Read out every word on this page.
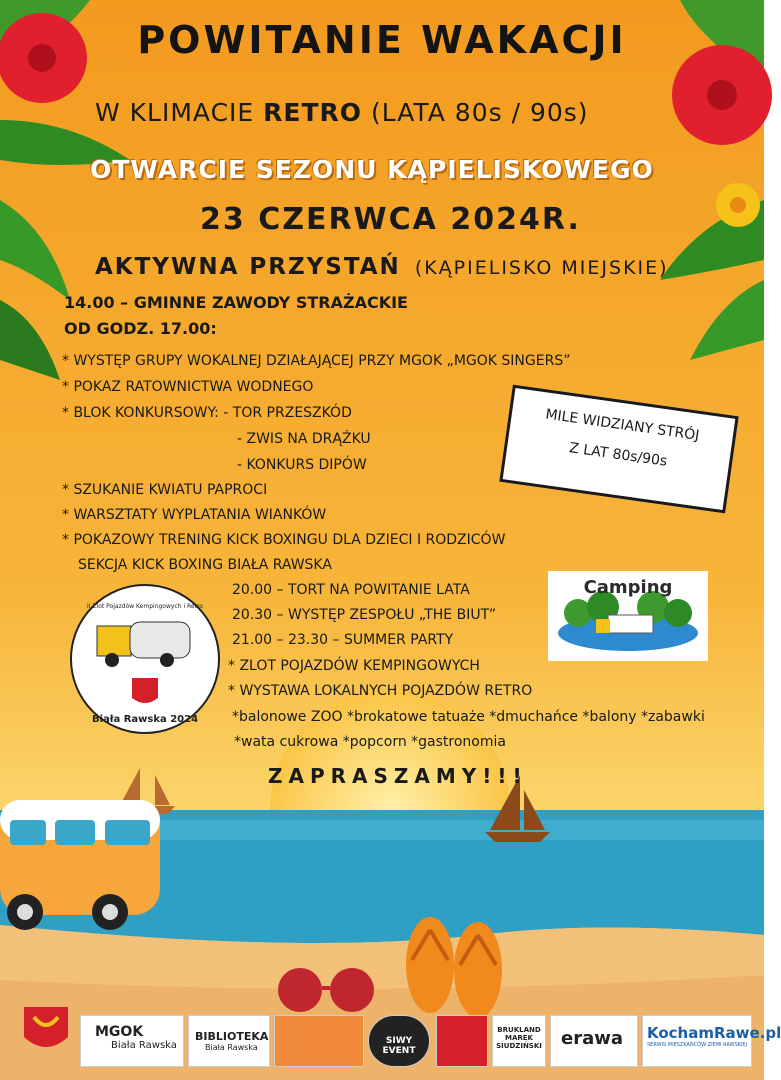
POWITANIE WAKACJI
W KLIMACIE RETRO (LATA 80s / 90s)
OTWARCIE SEZONU KĄPIELISKOWEGO
23 CZERWCA 2024R.
AKTYWNA PRZYSTAŃ (KĄPIELISKO MIEJSKIE)
14.00 – GMINNE ZAWODY STRAŻACKIE
OD GODZ. 17.00:
* WYSTĘP GRUPY WOKALNEJ DZIAŁAJĄCEJ PRZY MGOK „MGOK SINGERS”
* POKAZ RATOWNICTWA WODNEGO
* BLOK KONKURSOWY: - TOR PRZESZKÓD
- ZWIS NA DRĄŻKU
- KONKURS DIPÓW
* SZUKANIE KWIATU PAPROCI
* WARSZTATY WYPLATANIA WIANKÓW
* POKAZOWY TRENING KICK BOXINGU DLA DZIECI I RODZICÓW
SEKCJA KICK BOXING BIAŁA RAWSKA
20.00 – TORT NA POWITANIE LATA
20.30 – WYSTĘP ZESPOŁU „THE BIUT”
21.00 – 23.30 – SUMMER PARTY
* ZLOT POJAZDÓW KEMPINGOWYCH
* WYSTAWA LOKALNYCH POJAZDÓW RETRO
*balonowe ZOO *brokatowe tatuaże *dmuchańce *balony *zabawki
*wata cukrowa *popcorn *gastronomia
ZAPRASZAMY!!!
MILE WIDZIANY STRÓJ
Z LAT 80s/90s
Camping
II Zlot Pojazdów Kempingowych i Retro
Biała Rawska 2024
MGOK
Biała Rawska
BIBLIOTEKA
Biała Rawska
SIWY EVENT
BRUKLAND MAREK SIUDZIŃSKI	erawa	KochamRawe.pl
SERWIS MIESZKAŃCÓW ZIEMI RAWSKIEJ
